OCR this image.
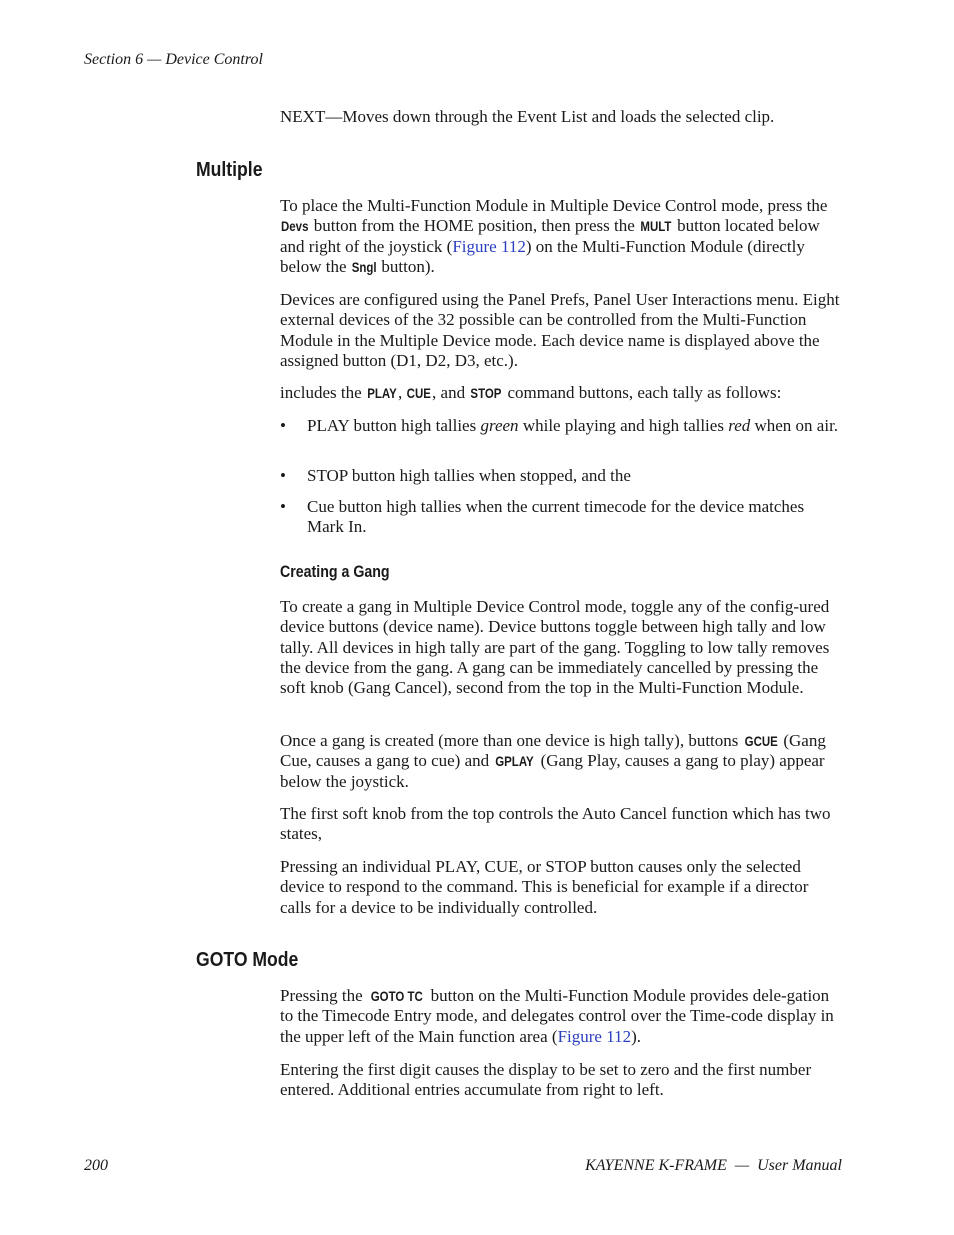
Section 6 — Device Control

NEXT—Moves down through the Event List and loads the selected clip.

Multiple

To place the Multi-Function Module in Multiple Device Control mode, press the Devs button from the HOME position, then press the MULT button located below and right of the joystick (Figure 112) on the Multi-Function Module (directly below the Sngl button).

Devices are configured using the Panel Prefs, Panel User Interactions menu. Eight external devices of the 32 possible can be controlled from the Multi-Function Module in the Multiple Device mode. Each device name is displayed above the assigned button (D1, D2, D3, etc.).

includes the PLAY, CUE, and STOP command buttons, each tally as follows:

• PLAY button high tallies green while playing and high tallies red when on air.
• STOP button high tallies when stopped, and the
• Cue button high tallies when the current timecode for the device matches Mark In.
Creating a Gang

To create a gang in Multiple Device Control mode, toggle any of the config-ured device buttons (device name). Device buttons toggle between high tally and low tally. All devices in high tally are part of the gang. Toggling to low tally removes the device from the gang. A gang can be immediately cancelled by pressing the soft knob (Gang Cancel), second from the top in the Multi-Function Module.

Once a gang is created (more than one device is high tally), buttons GCUE (Gang Cue, causes a gang to cue) and GPLAY (Gang Play, causes a gang to play) appear below the joystick.

The first soft knob from the top controls the Auto Cancel function which has two states,

Pressing an individual PLAY, CUE, or STOP button causes only the selected device to respond to the command. This is beneficial for example if a director calls for a device to be individually controlled.

GOTO Mode

Pressing the GOTO TC button on the Multi-Function Module provides dele-gation to the Timecode Entry mode, and delegates control over the Time-code display in the upper left of the Main function area (Figure 112).

Entering the first digit causes the display to be set to zero and the first number entered. Additional entries accumulate from right to left.

200	KAYENNE K-FRAME  —  User Manual
